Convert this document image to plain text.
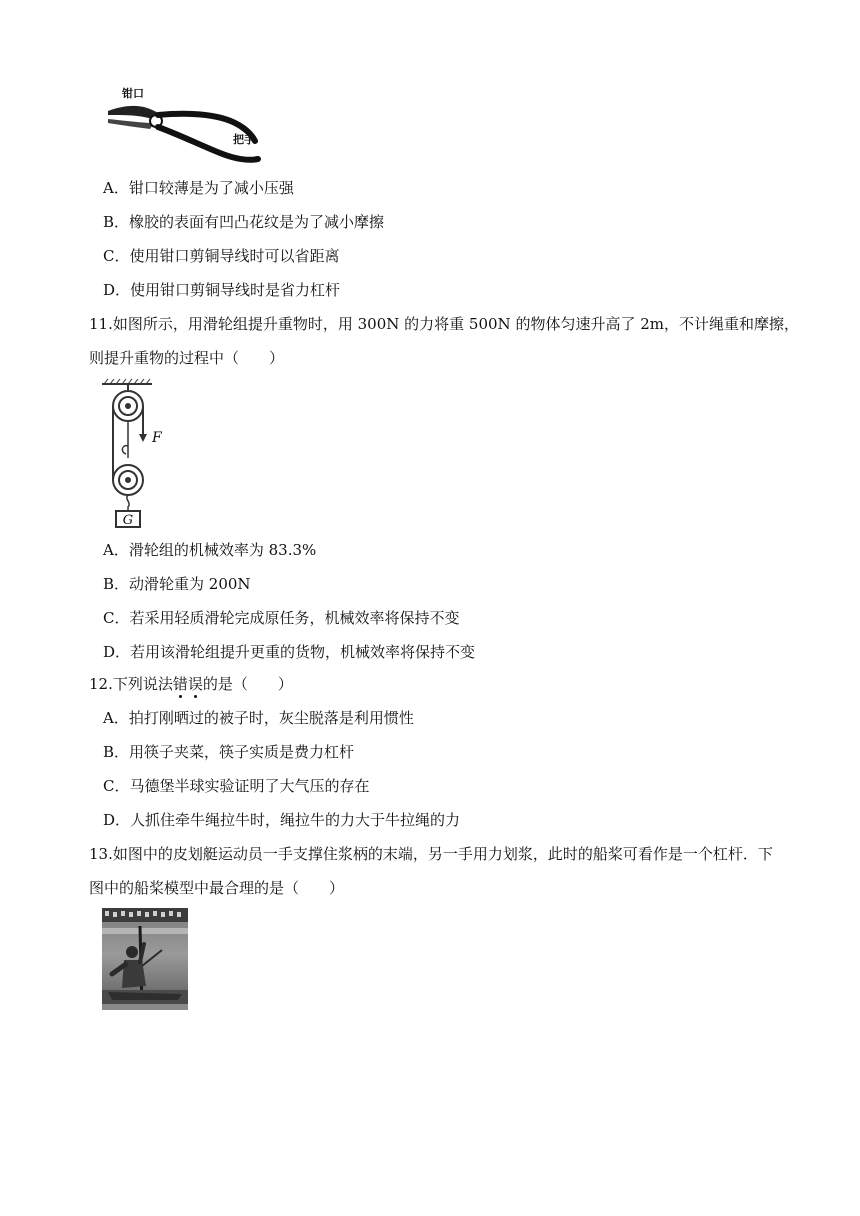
钳口
把手
A．钳口较薄是为了减小压强
B．橡胶的表面有凹凸花纹是为了减小摩擦
C．使用钳口剪铜导线时可以省距离
D．使用钳口剪铜导线时是省力杠杆
11.如图所示，用滑轮组提升重物时，用 300N 的力将重 500N 的物体匀速升高了 2m，不计绳重和摩擦，
则提升重物的过程中（　　）
F
G
A．滑轮组的机械效率为 83.3%
B．动滑轮重为 200N
C．若采用轻质滑轮完成原任务，机械效率将保持不变
D．若用该滑轮组提升更重的货物，机械效率将保持不变
12.下列说法错误的是（　　）
A．拍打刚晒过的被子时，灰尘脱落是利用惯性
B．用筷子夹菜，筷子实质是费力杠杆
C．马德堡半球实验证明了大气压的存在
D．人抓住牵牛绳拉牛时，绳拉牛的力大于牛拉绳的力
13.如图中的皮划艇运动员一手支撑住浆柄的末端，另一手用力划浆，此时的船桨可看作是一个杠杆．下
图中的船桨模型中最合理的是（　　）
